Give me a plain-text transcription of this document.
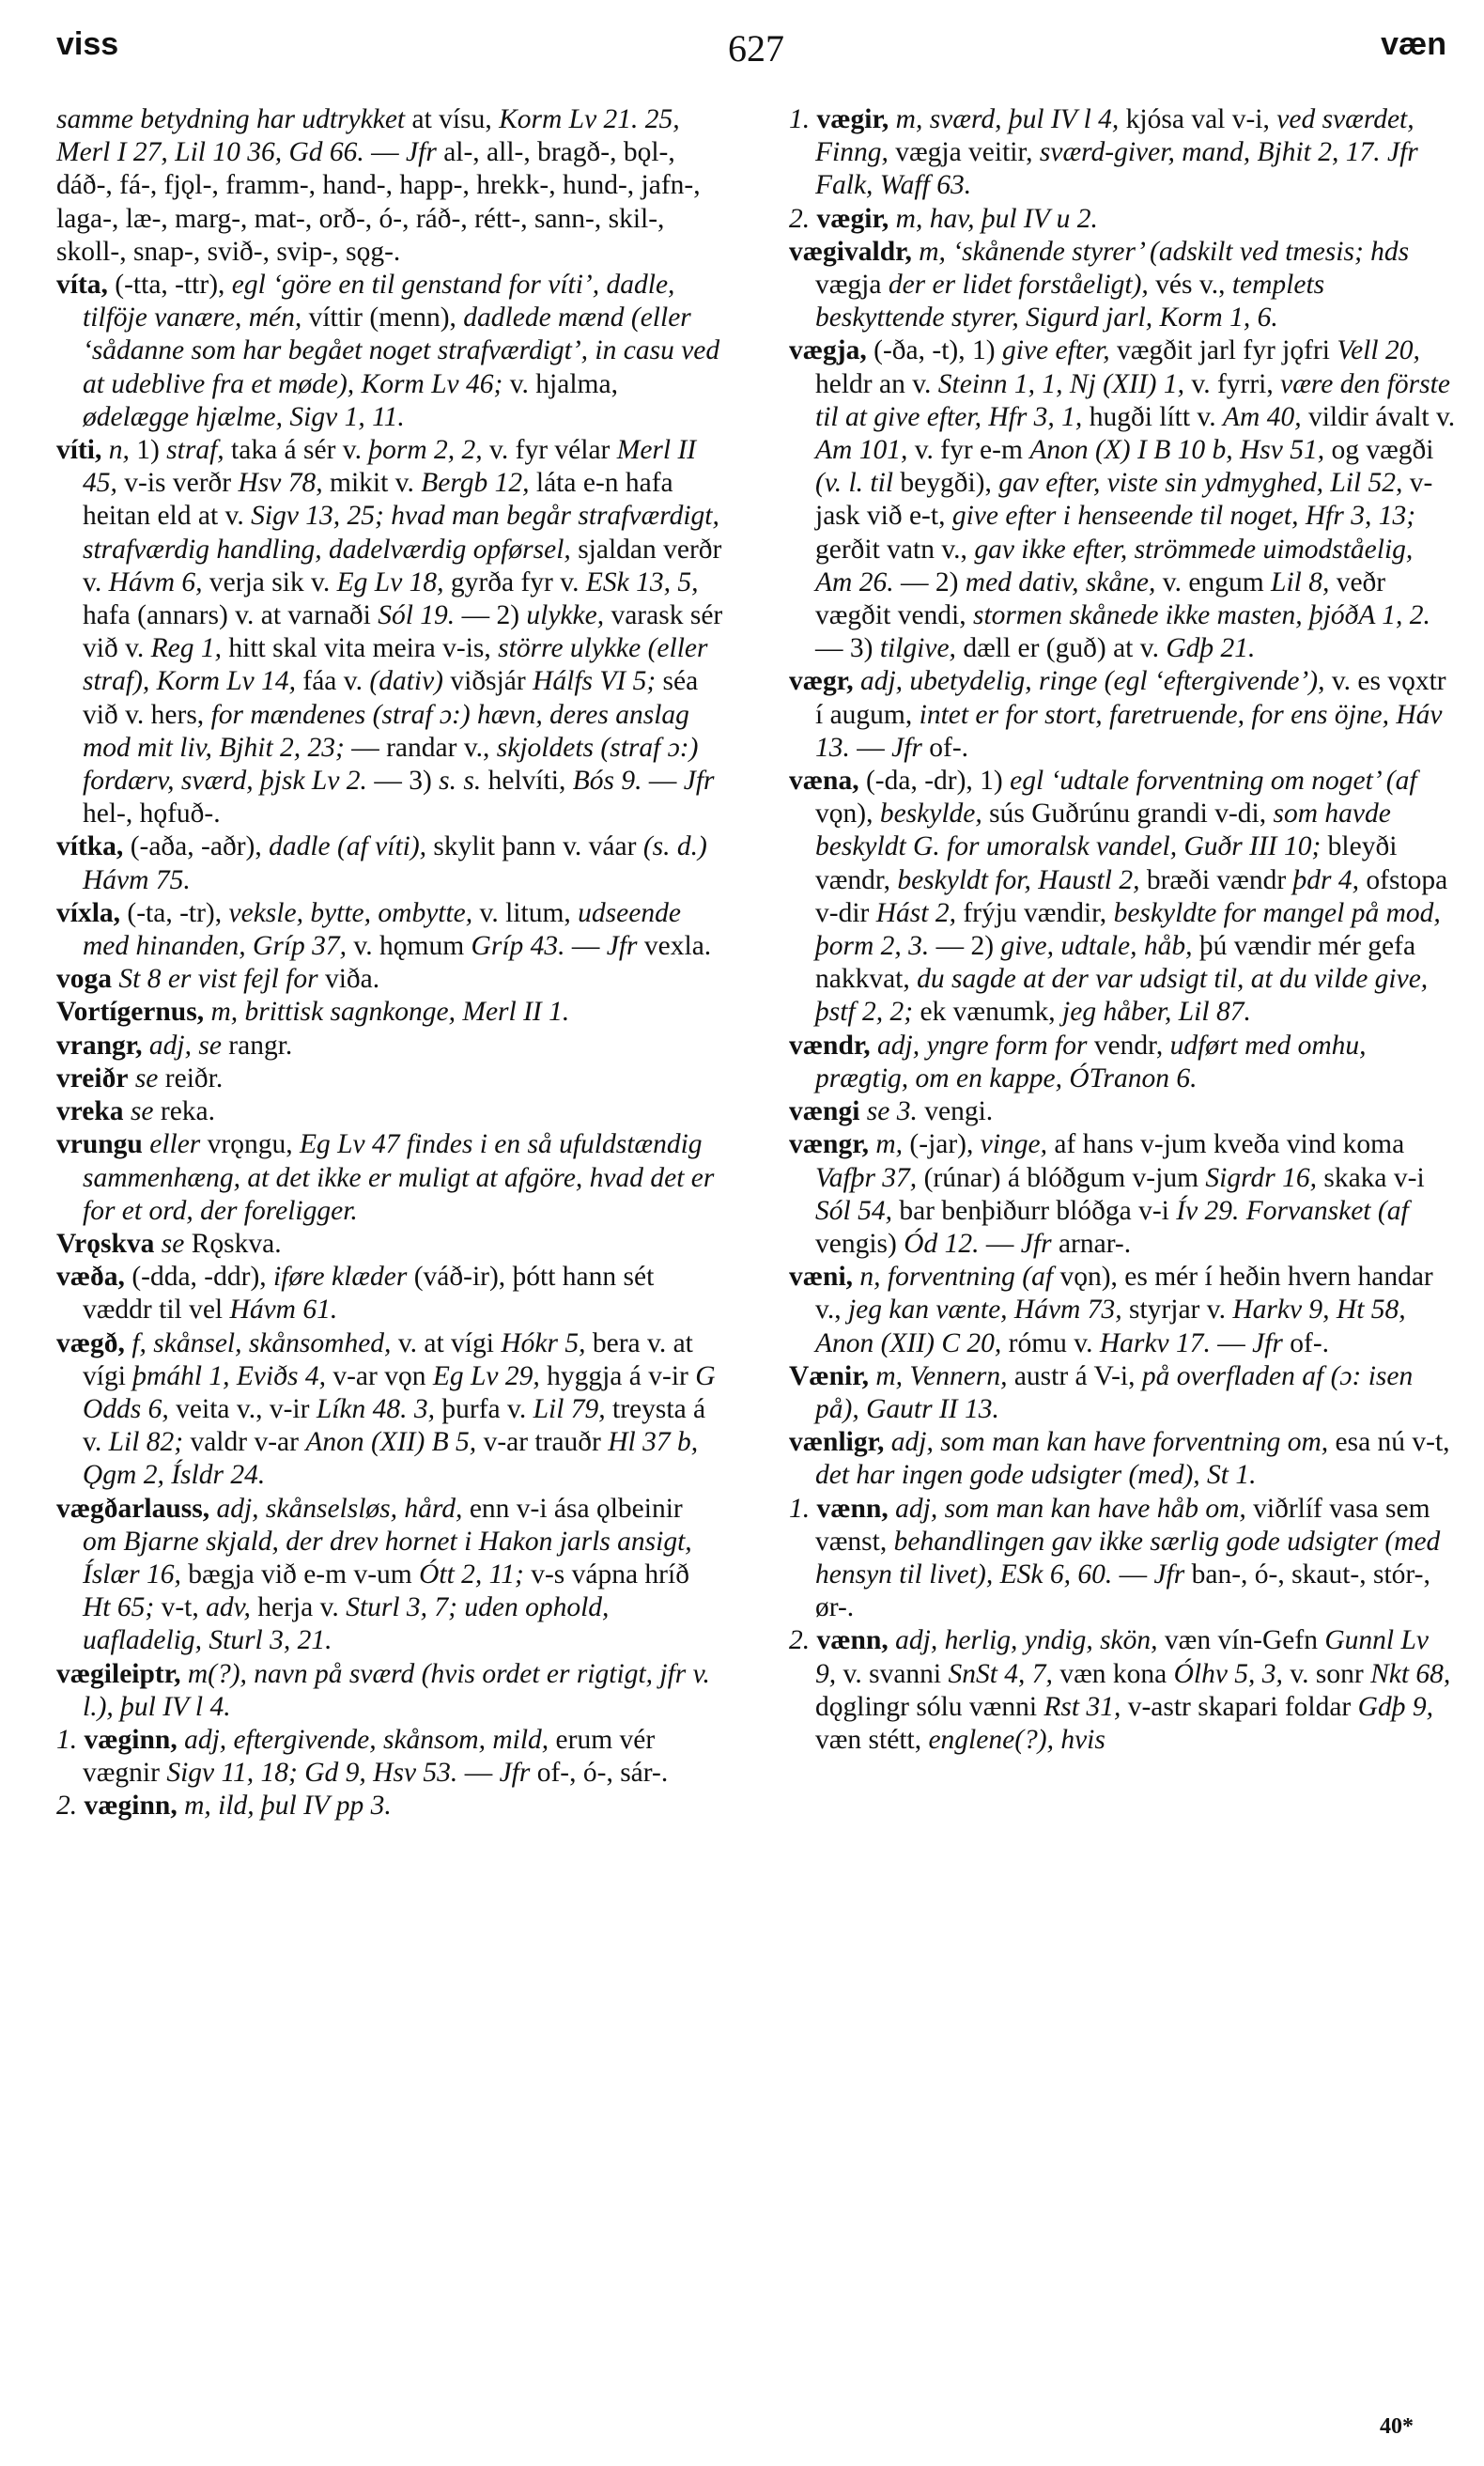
viss	627	væn

samme betydning har udtrykket at vísu, Korm Lv 21. 25, Merl I 27, Lil 10 36, Gd 66. — Jfr al-, all-, bragð-, bǫl-, dáð-, fá-, fjǫl-, framm-, hand-, happ-, hrekk-, hund-, jafn-, laga-, læ-, marg-, mat-, orð-, ó-, ráð-, rétt-, sann-, skil-, skoll-, snap-, svið-, svip-, sǫg-.

víta, (-tta, -ttr), egl ‘göre en til genstand for víti’, dadle, tilföje vanære, mén, víttir (menn), dadlede mænd (eller ‘sådanne som har begået noget strafværdigt’, in casu ved at udeblive fra et møde), Korm Lv 46; v. hjalma, ødelægge hjælme, Sigv 1, 11.

víti, n, 1) straf, taka á sér v. þorm 2, 2, v. fyr vélar Merl II 45, v-is verðr Hsv 78, mikit v. Bergb 12, láta e-n hafa heitan eld at v. Sigv 13, 25; hvad man begår strafværdigt, strafværdig handling, dadelværdig opførsel, sjaldan verðr v. Hávm 6, verja sik v. Eg Lv 18, gyrða fyr v. ESk 13, 5, hafa (annars) v. at varnaði Sól 19. — 2) ulykke, varask sér við v. Reg 1, hitt skal vita meira v-is, större ulykke (eller straf), Korm Lv 14, fáa v. (dativ) viðsjár Hálfs VI 5; séa við v. hers, for mændenes (straf ɔ:) hævn, deres anslag mod mit liv, Bjhit 2, 23; — randar v., skjoldets (straf ɔ:) fordærv, sværd, þjsk Lv 2. — 3) s. s. helvíti, Bós 9. — Jfr hel-, hǫfuð-.

vítka, (-aða, -aðr), dadle (af víti), skylit þann v. váar (s. d.) Hávm 75.

víxla, (-ta, -tr), veksle, bytte, ombytte, v. litum, udseende med hinanden, Gríp 37, v. hǫmum Gríp 43. — Jfr vexla.

voga St 8 er vist fejl for viða.

Vortígernus, m, brittisk sagnkonge, Merl II 1.

vrangr, adj, se rangr.

vreiðr se reiðr.

vreka se reka.

vrungu eller vrǫngu, Eg Lv 47 findes i en så ufuldstændig sammenhæng, at det ikke er muligt at afgöre, hvad det er for et ord, der foreligger.

Vrǫskva se Rǫskva.

væða, (-dda, -ddr), iføre klæder (váð-ir), þótt hann sét væddr til vel Hávm 61.

vægð, f, skånsel, skånsomhed, v. at vígi Hókr 5, bera v. at vígi þmáhl 1, Eviðs 4, v-ar vǫn Eg Lv 29, hyggja á v-ir G Odds 6, veita v., v-ir Líkn 48. 3, þurfa v. Lil 79, treysta á v. Lil 82; valdr v-ar Anon (XII) B 5, v-ar trauðr Hl 37 b, Ǫgm 2, Ísldr 24.

vægðarlauss, adj, skånselsløs, hård, enn v-i ása ǫlbeinir om Bjarne skjald, der drev hornet i Hakon jarls ansigt, Íslær 16, bægja við e-m v-um Ótt 2, 11; v-s vápna hríð Ht 65; v-t, adv, herja v. Sturl 3, 7; uden ophold, uafladelig, Sturl 3, 21.

vægileiptr, m(?), navn på sværd (hvis ordet er rigtigt, jfr v. l.), þul IV l 4.

1. væginn, adj, eftergivende, skånsom, mild, erum vér vægnir Sigv 11, 18; Gd 9, Hsv 53. — Jfr of-, ó-, sár-.

2. væginn, m, ild, þul IV pp 3.

1. vægir, m, sværd, þul IV l 4, kjósa val v-i, ved sværdet, Finng, vægja veitir, sværd-giver, mand, Bjhit 2, 17. Jfr Falk, Waff 63.

2. vægir, m, hav, þul IV u 2.

vægivaldr, m, ‘skånende styrer’ (adskilt ved tmesis; hds vægja der er lidet forståeligt), vés v., templets beskyttende styrer, Sigurd jarl, Korm 1, 6.

vægja, (-ða, -t), 1) give efter, vægðit jarl fyr jǫfri Vell 20, heldr an v. Steinn 1, 1, Nj (XII) 1, v. fyrri, være den förste til at give efter, Hfr 3, 1, hugði lítt v. Am 40, vildir ávalt v. Am 101, v. fyr e-m Anon (X) I B 10 b, Hsv 51, og vægði (v. l. til beygði), gav efter, viste sin ydmyghed, Lil 52, v-jask við e-t, give efter i henseende til noget, Hfr 3, 13; gerðit vatn v., gav ikke efter, strömmede uimodståelig, Am 26. — 2) med dativ, skåne, v. engum Lil 8, veðr vægðit vendi, stormen skånede ikke masten, þjóðA 1, 2. — 3) tilgive, dæll er (guð) at v. Gdþ 21.

vægr, adj, ubetydelig, ringe (egl ‘eftergivende’), v. es vǫxtr í augum, intet er for stort, faretruende, for ens öjne, Háv 13. — Jfr of-.

væna, (-da, -dr), 1) egl ‘udtale forventning om noget’ (af vǫn), beskylde, sús Guðrúnu grandi v-di, som havde beskyldt G. for umoralsk vandel, Guðr III 10; bleyði vændr, beskyldt for, Haustl 2, bræði vændr þdr 4, ofstopa v-dir Hást 2, frýju vændir, beskyldte for mangel på mod, þorm 2, 3. — 2) give, udtale, håb, þú vændir mér gefa nakkvat, du sagde at der var udsigt til, at du vilde give, þstf 2, 2; ek vænumk, jeg håber, Lil 87.

vændr, adj, yngre form for vendr, udført med omhu, prægtig, om en kappe, ÓTranon 6.

vængi se 3. vengi.

vængr, m, (-jar), vinge, af hans v-jum kveða vind koma Vafþr 37, (rúnar) á blóðgum v-jum Sigrdr 16, skaka v-i Sól 54, bar benþiðurr blóðga v-i Ív 29. Forvansket (af vengis) Ód 12. — Jfr arnar-.

væni, n, forventning (af vǫn), es mér í heðin hvern handar v., jeg kan vænte, Hávm 73, styrjar v. Harkv 9, Ht 58, Anon (XII) C 20, rómu v. Harkv 17. — Jfr of-.

Vænir, m, Vennern, austr á V-i, på overfladen af (ɔ: isen på), Gautr II 13.

vænligr, adj, som man kan have forventning om, esa nú v-t, det har ingen gode udsigter (med), St 1.

1. vænn, adj, som man kan have håb om, viðrlíf vasa sem vænst, behandlingen gav ikke særlig gode udsigter (med hensyn til livet), ESk 6, 60. — Jfr ban-, ó-, skaut-, stór-, ør-.

2. vænn, adj, herlig, yndig, skön, væn vín-Gefn Gunnl Lv 9, v. svanni SnSt 4, 7, væn kona Ólhv 5, 3, v. sonr Nkt 68, dǫglingr sólu vænni Rst 31, v-astr skapari foldar Gdþ 9, væn stétt, englene(?), hvis

40*
